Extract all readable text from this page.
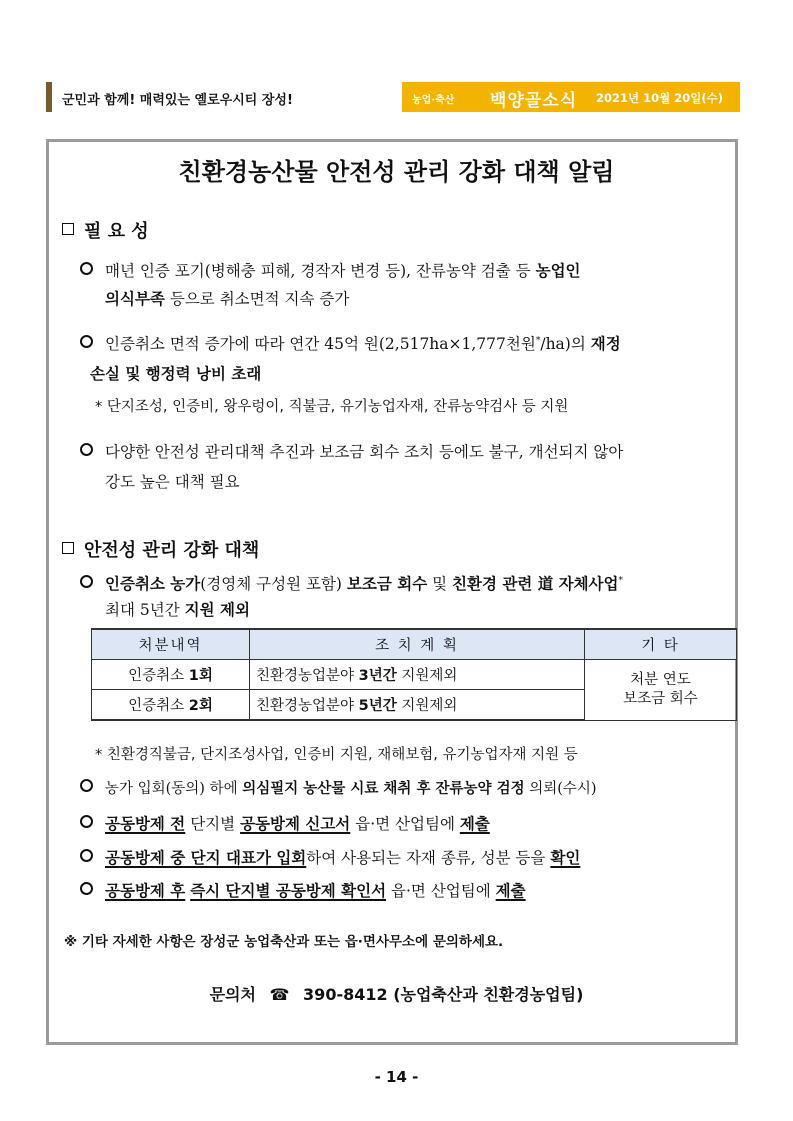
군민과 함께! 매력있는 옐로우시티 장성!	농업·축산 백양골소식 2021년 10월 20일(수)
친환경농산물 안전성 관리 강화 대책 알림
필 요 성
매년 인증 포기(병해충 피해, 경작자 변경 등), 잔류농약 검출 등 농업인
의식부족 등으로 취소면적 지속 증가
인증취소 면적 증가에 따라 연간 45억 원(2,517ha×1,777천원*/ha)의 재정
손실 및 행정력 낭비 초래
* 단지조성, 인증비, 왕우렁이, 직불금, 유기농업자재, 잔류농약검사 등 지원
다양한 안전성 관리대책 추진과 보조금 회수 조치 등에도 불구, 개선되지 않아
강도 높은 대책 필요
안전성 관리 강화 대책
인증취소 농가(경영체 구성원 포함) 보조금 회수 및 친환경 관련 道 자체사업*
최대 5년간 지원 제외
처분내역	조 치 계 획	기 타
인증취소 1회	친환경농업분야 3년간 지원제외	처분 연도
보조금 회수

인증취소 2회	친환경농업분야 5년간 지원제외	
* 친환경직불금, 단지조성사업, 인증비 지원, 재해보험, 유기농업자재 지원 등
농가 입회(동의) 하에 의심필지 농산물 시료 채취 후 잔류농약 검정 의뢰(수시)
공동방제 전 단지별 공동방제 신고서 읍·면 산업팀에 제출
공동방제 중 단지 대표가 입회하여 사용되는 자재 종류, 성분 등을 확인
공동방제 후 즉시 단지별 공동방제 확인서 읍·면 산업팀에 제출
※ 기타 자세한 사항은 장성군 농업축산과 또는 읍·면사무소에 문의하세요.
문의처 ☎ 390-8412 (농업축산과 친환경농업팀)
- 14 -
